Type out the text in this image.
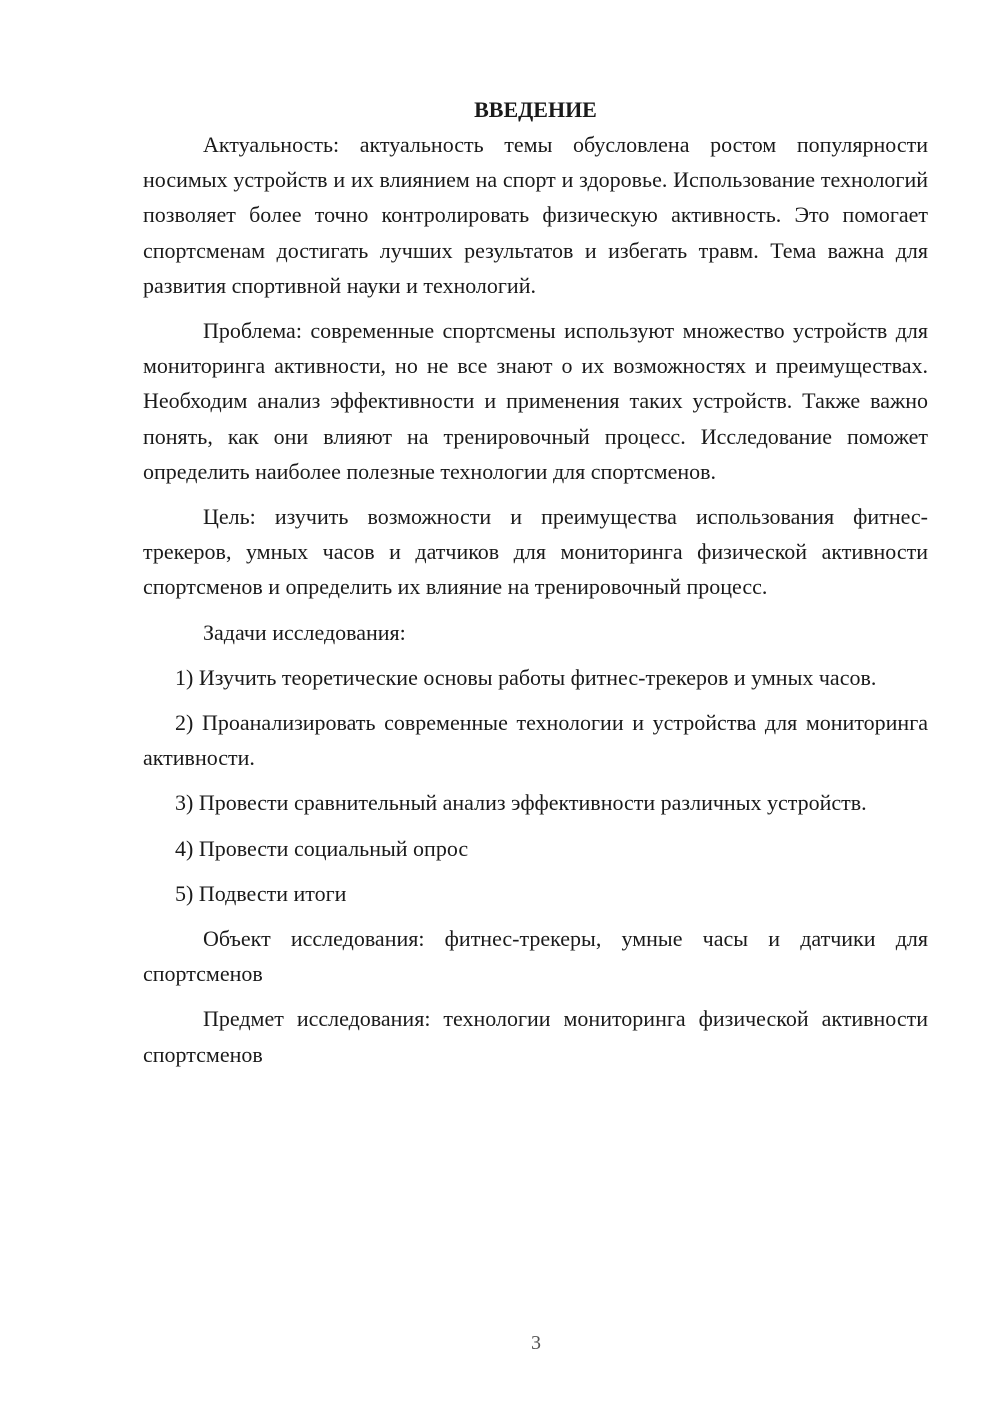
ВВЕДЕНИЕ

Актуальность: актуальность темы обусловлена ростом популярности носимых устройств и их влиянием на спорт и здоровье. Использование технологий позволяет более точно контролировать физическую активность. Это помогает спортсменам достигать лучших результатов и избегать травм. Тема важна для развития спортивной науки и технологий.

Проблема: современные спортсмены используют множество устройств для мониторинга активности, но не все знают о их возможностях и преимуществах. Необходим анализ эффективности и применения таких устройств. Также важно понять, как они влияют на тренировочный процесс. Исследование поможет определить наиболее полезные технологии для спортсменов.

Цель: изучить возможности и преимущества использования фитнес-трекеров, умных часов и датчиков для мониторинга физической активности спортсменов и определить их влияние на тренировочный процесс.

Задачи исследования:

1) Изучить теоретические основы работы фитнес-трекеров и умных часов.

2) Проанализировать современные технологии и устройства для мониторинга активности.

3) Провести сравнительный анализ эффективности различных устройств.

4) Провести социальный опрос

5) Подвести итоги

Объект исследования: фитнес-трекеры, умные часы и датчики для спортсменов

Предмет исследования: технологии мониторинга физической активности спортсменов

3
